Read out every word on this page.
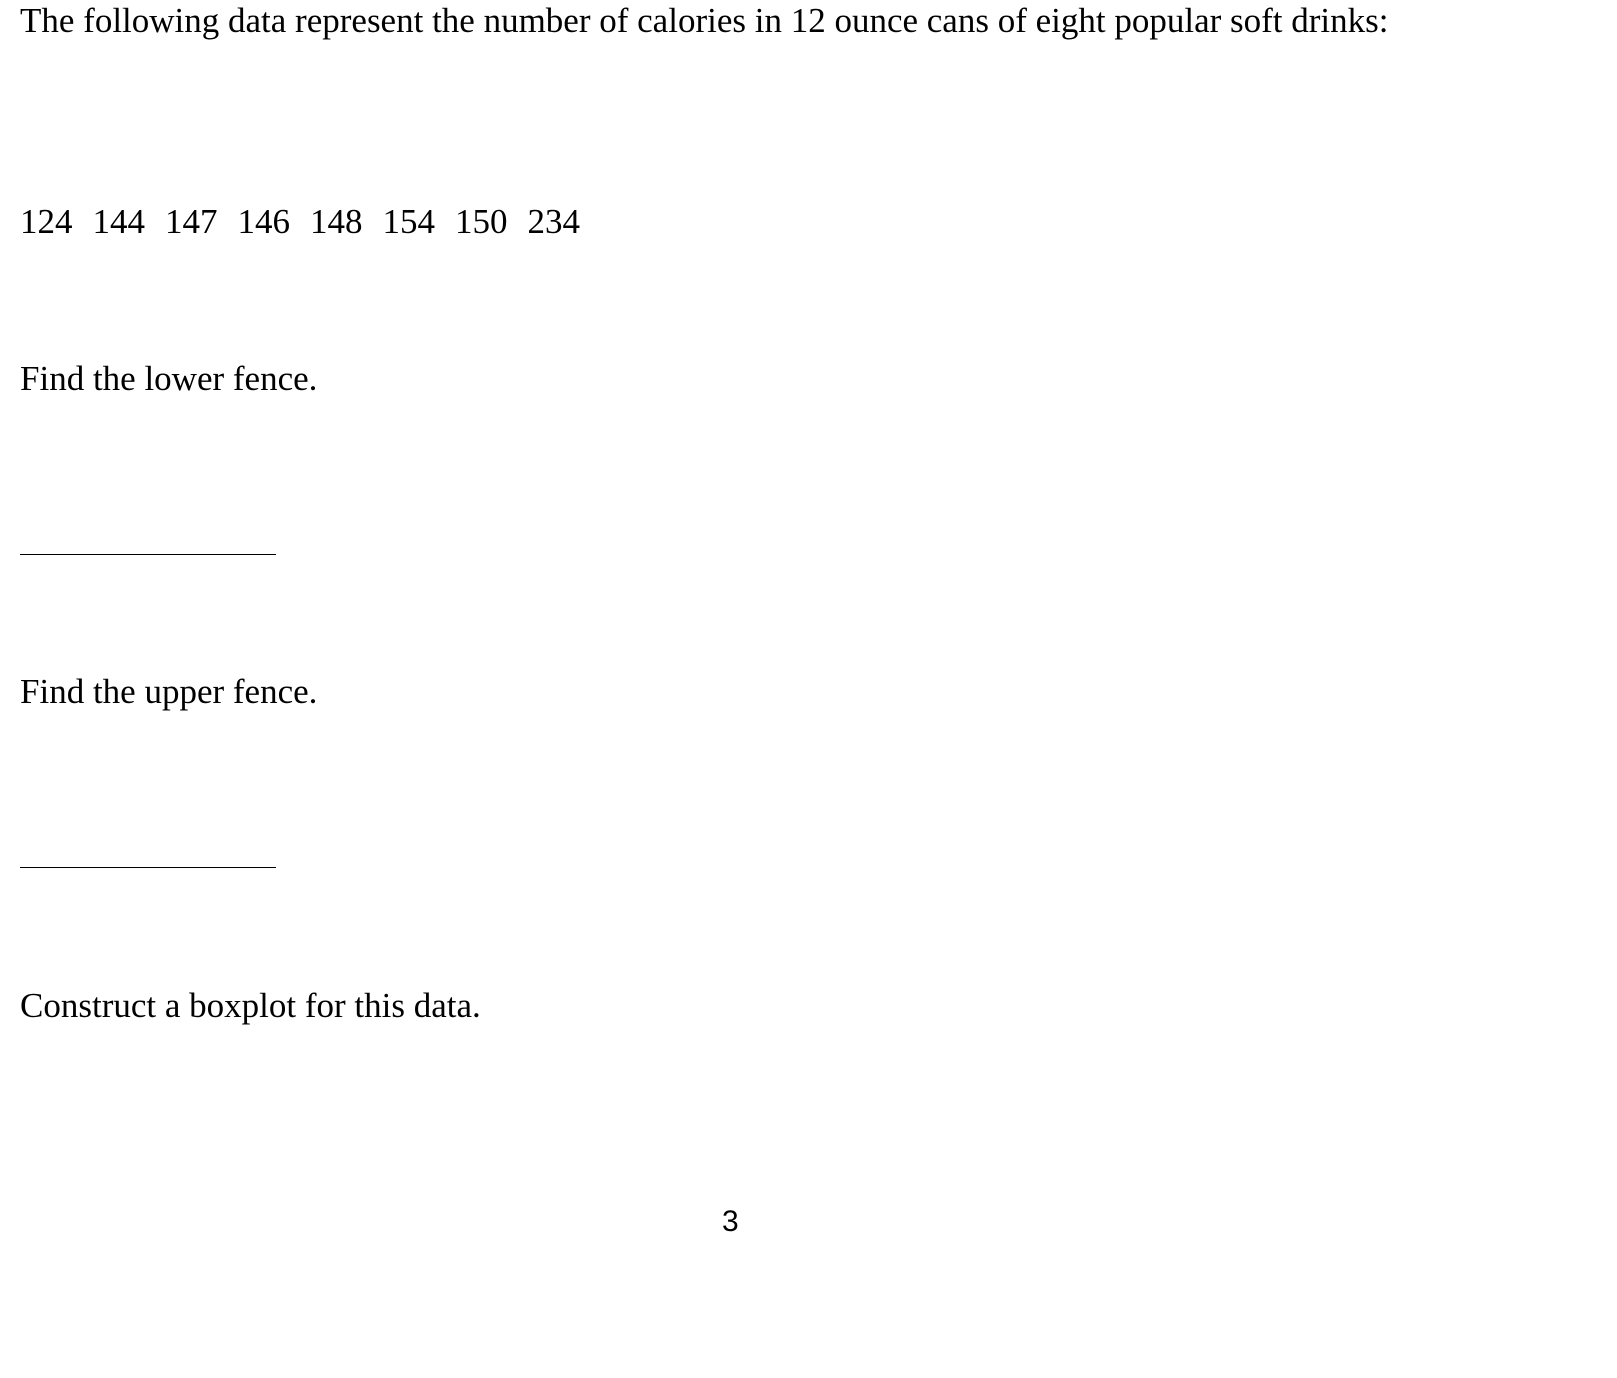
The following data represent the number of calories in 12 ounce cans of eight popular soft drinks:

124 144 147 146 148 154 150 234

Find the lower fence.

Find the upper fence.

Construct a boxplot for this data.

3
